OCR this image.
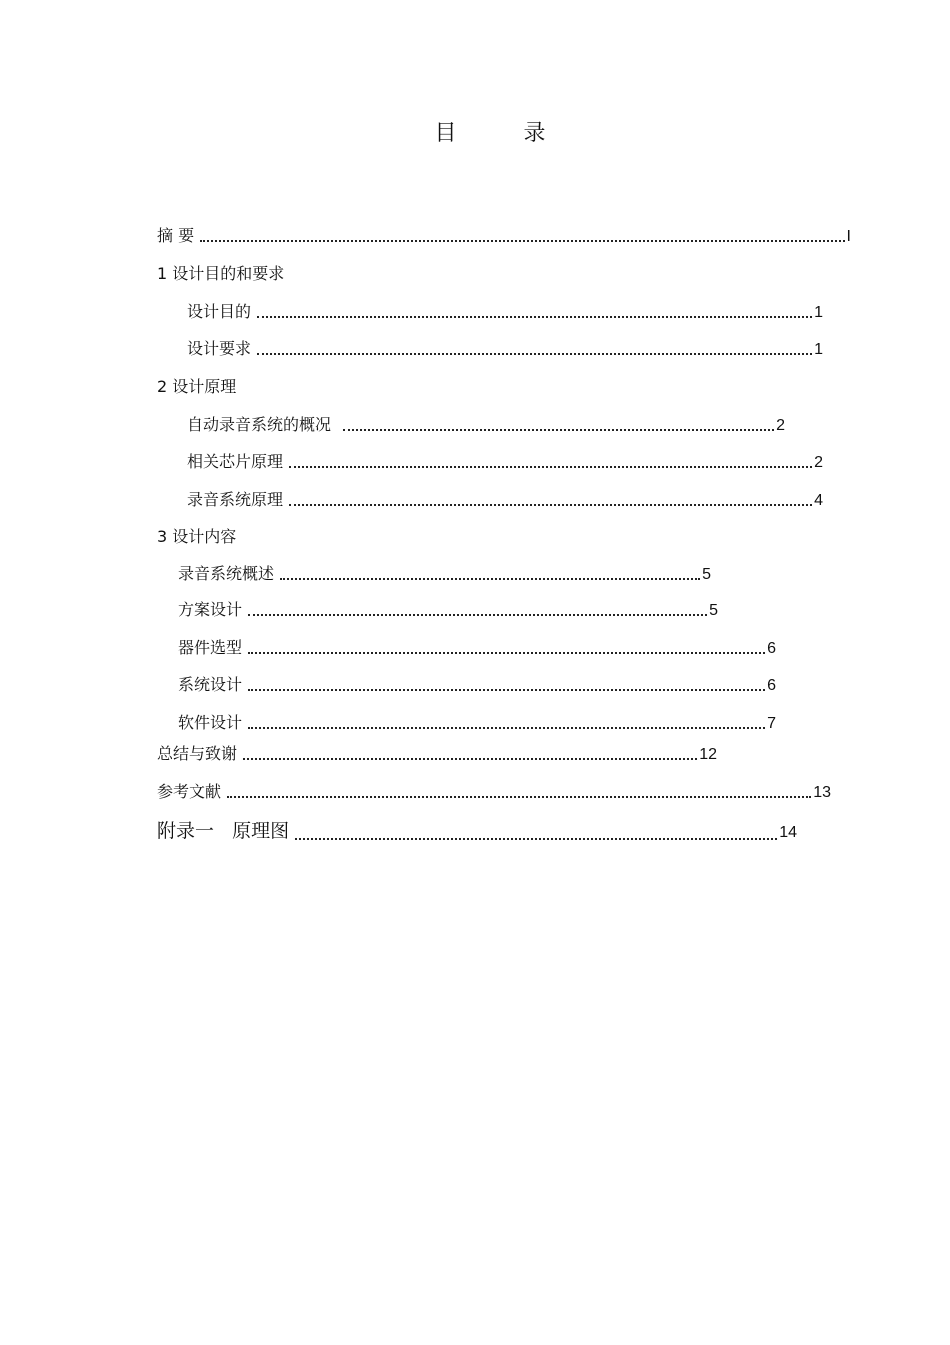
目 录
摘 要	I
1 设计目的和要求
设计目的	1
设计要求	1
2 设计原理
自动录音系统的概况	2
相关芯片原理	2
录音系统原理	4
3 设计内容
录音系统概述	5
方案设计	5
器件选型	6
系统设计	6
软件设计	7
总结与致谢	12
参考文献	13
附录一   原理图	14
